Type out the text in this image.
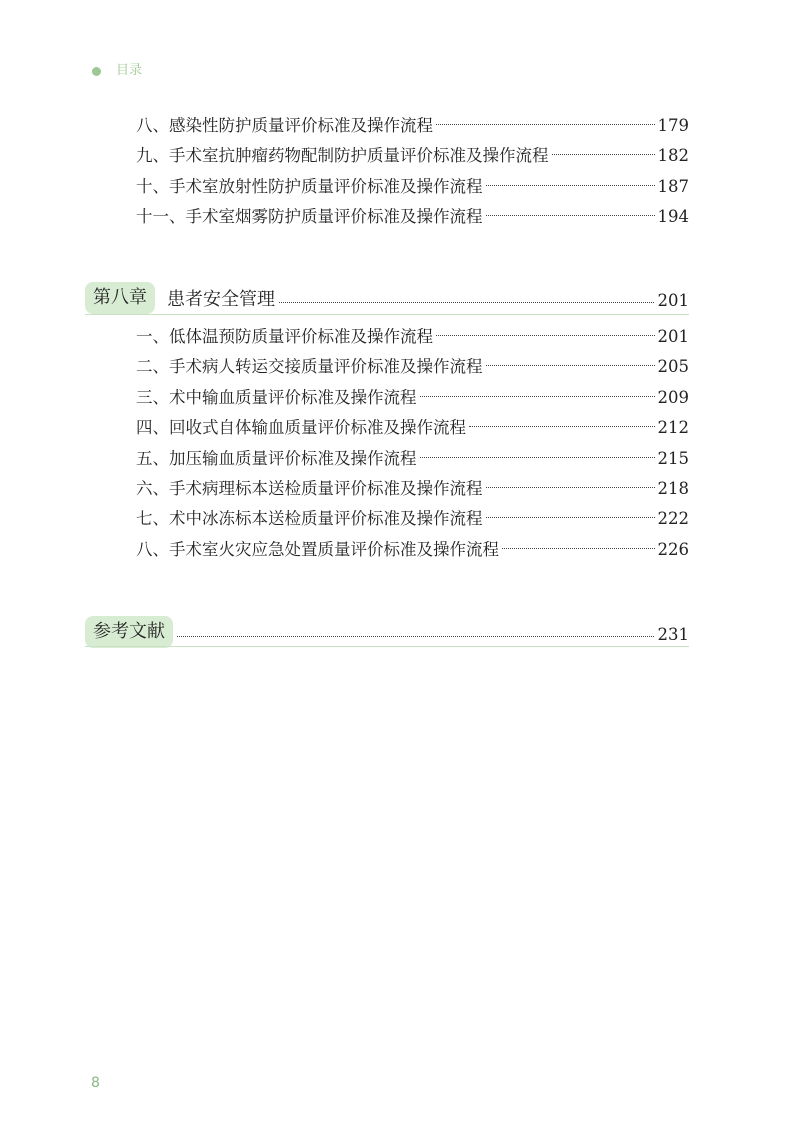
目录
八、感染性防护质量评价标准及操作流程	179
九、手术室抗肿瘤药物配制防护质量评价标准及操作流程	182
十、手术室放射性防护质量评价标准及操作流程	187
十一、手术室烟雾防护质量评价标准及操作流程	194
第八章	患者安全管理	201
一、低体温预防质量评价标准及操作流程	201
二、手术病人转运交接质量评价标准及操作流程	205
三、术中输血质量评价标准及操作流程	209
四、回收式自体输血质量评价标准及操作流程	212
五、加压输血质量评价标准及操作流程	215
六、手术病理标本送检质量评价标准及操作流程	218
七、术中冰冻标本送检质量评价标准及操作流程	222
八、手术室火灾应急处置质量评价标准及操作流程	226
参考文献	231
8
